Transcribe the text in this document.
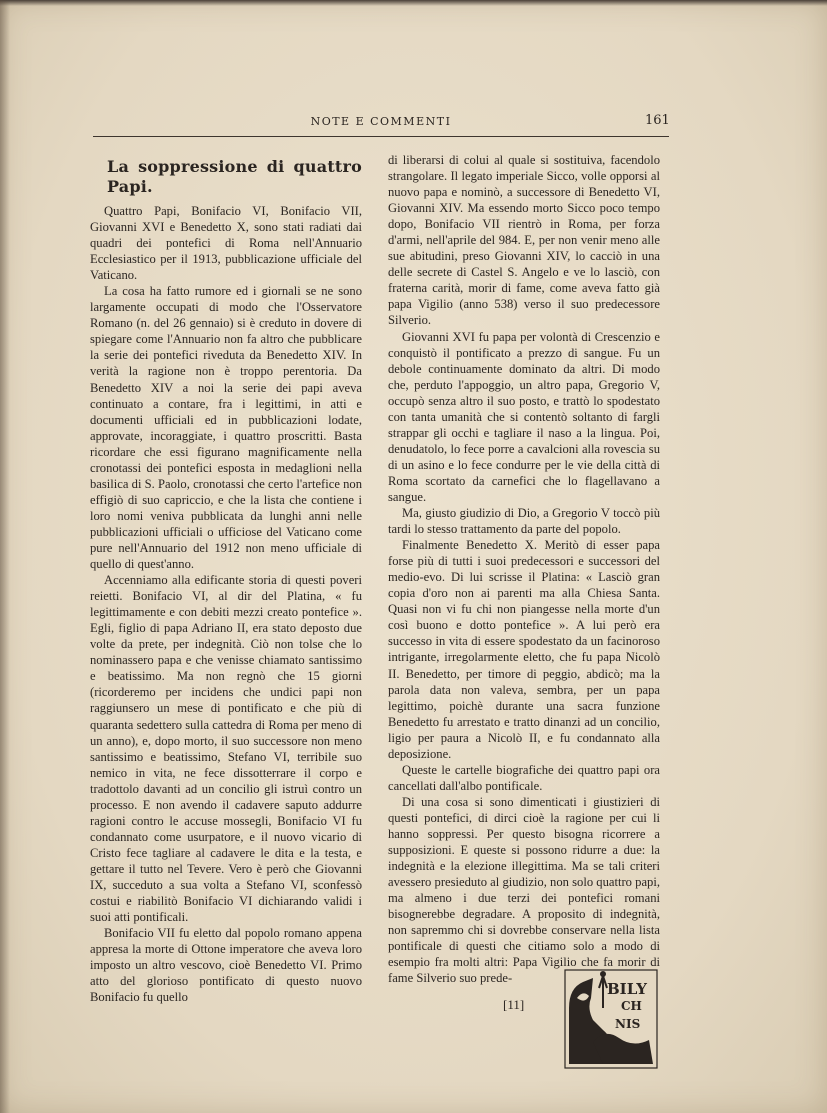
NOTE E COMMENTI	161
La soppressione di quattro Papi.

Quattro Papi, Bonifacio VI, Bonifacio VII, Giovanni XVI e Benedetto X, sono stati radiati dai quadri dei pontefici di Roma nell'Annuario Ecclesiastico per il 1913, pubblicazione ufficiale del Vaticano.

La cosa ha fatto rumore ed i giornali se ne sono largamente occupati di modo che l'Osservatore Romano (n. del 26 gennaio) si è creduto in dovere di spiegare come l'Annuario non fa altro che pubblicare la serie dei pontefici riveduta da Benedetto XIV. In verità la ragione non è troppo perentoria. Da Benedetto XIV a noi la serie dei papi aveva continuato a contare, fra i legittimi, in atti e documenti ufficiali ed in pubblicazioni lodate, approvate, incoraggiate, i quattro proscritti. Basta ricordare che essi figurano magnificamente nella cronotassi dei pontefici esposta in medaglioni nella basilica di S. Paolo, cronotassi che certo l'artefice non effigiò di suo capriccio, e che la lista che contiene i loro nomi veniva pubblicata da lunghi anni nelle pubblicazioni ufficiali o ufficiose del Vaticano come pure nell'Annuario del 1912 non meno ufficiale di quello di quest'anno.

Accenniamo alla edificante storia di questi poveri reietti. Bonifacio VI, al dir del Platina, « fu legittimamente e con debiti mezzi creato pontefice ». Egli, figlio di papa Adriano II, era stato deposto due volte da prete, per indegnità. Ciò non tolse che lo nominassero papa e che venisse chiamato santissimo e beatissimo. Ma non regnò che 15 giorni (ricorderemo per incidens che undici papi non raggiunsero un mese di pontificato e che più di quaranta sedettero sulla cattedra di Roma per meno di un anno), e, dopo morto, il suo successore non meno santissimo e beatissimo, Stefano VI, terribile suo nemico in vita, ne fece dissotterrare il corpo e tradottolo davanti ad un concilio gli istruì contro un processo. E non avendo il cadavere saputo addurre ragioni contro le accuse mossegli, Bonifacio VI fu condannato come usurpatore, e il nuovo vicario di Cristo fece tagliare al cadavere le dita e la testa, e gettare il tutto nel Tevere. Vero è però che Giovanni IX, succeduto a sua volta a Stefano VI, sconfessò costui e riabilitò Bonifacio VI dichiarando validi i suoi atti pontificali.

Bonifacio VII fu eletto dal popolo romano appena appresa la morte di Ottone imperatore che aveva loro imposto un altro vescovo, cioè Benedetto VI. Primo atto del glorioso pontificato di questo nuovo Bonifacio fu quello

di liberarsi di colui al quale si sostituiva, facendolo strangolare. Il legato imperiale Sicco, volle opporsi al nuovo papa e nominò, a successore di Benedetto VI, Giovanni XIV. Ma essendo morto Sicco poco tempo dopo, Bonifacio VII rientrò in Roma, per forza d'armi, nell'aprile del 984. E, per non venir meno alle sue abitudini, preso Giovanni XIV, lo cacciò in una delle secrete di Castel S. Angelo e ve lo lasciò, con fraterna carità, morir di fame, come aveva fatto già papa Vigilio (anno 538) verso il suo predecessore Silverio.

Giovanni XVI fu papa per volontà di Crescenzio e conquistò il pontificato a prezzo di sangue. Fu un debole continuamente dominato da altri. Di modo che, perduto l'appoggio, un altro papa, Gregorio V, occupò senza altro il suo posto, e trattò lo spodestato con tanta umanità che si contentò soltanto di fargli strappar gli occhi e tagliare il naso a la lingua. Poi, denudatolo, lo fece porre a cavalcioni alla rovescia su di un asino e lo fece condurre per le vie della città di Roma scortato da carnefici che lo flagellavano a sangue.

Ma, giusto giudizio di Dio, a Gregorio V toccò più tardi lo stesso trattamento da parte del popolo.

Finalmente Benedetto X. Meritò di esser papa forse più di tutti i suoi predecessori e successori del medio-evo. Di lui scrisse il Platina: « Lasciò gran copia d'oro non ai parenti ma alla Chiesa Santa. Quasi non vi fu chi non piangesse nella morte d'un così buono e dotto pontefice ». A lui però era successo in vita di essere spodestato da un facinoroso intrigante, irregolarmente eletto, che fu papa Nicolò II. Benedetto, per timore di peggio, abdicò; ma la parola data non valeva, sembra, per un papa legittimo, poichè durante una sacra funzione Benedetto fu arrestato e tratto dinanzi ad un concilio, ligio per paura a Nicolò II, e fu condannato alla deposizione.

Queste le cartelle biografiche dei quattro papi ora cancellati dall'albo pontificale.

Di una cosa si sono dimenticati i giustizieri di questi pontefici, di dirci cioè la ragione per cui li hanno soppressi. Per questo bisogna ricorrere a supposizioni. E queste si possono ridurre a due: la indegnità e la elezione illegittima. Ma se tali criteri avessero presieduto al giudizio, non solo quattro papi, ma almeno i due terzi dei pontefici romani bisognerebbe degradare. A proposito di indegnità, non sapremmo chi si dovrebbe conservare nella lista pontificale di questi che citiamo solo a modo di esempio fra molti altri: Papa Vigilio che fa morir di fame Silverio suo prede-

[11]
BILY
CH
NIS
